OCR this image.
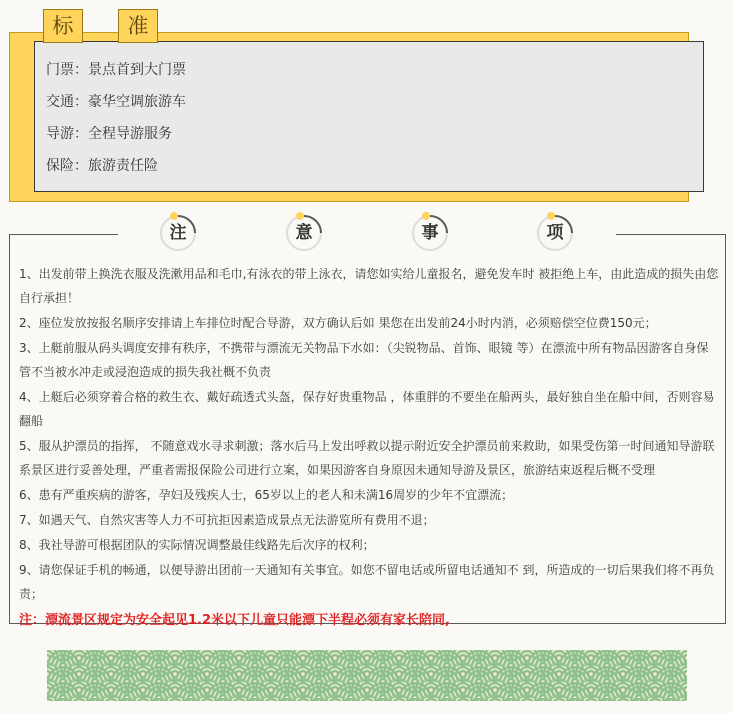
标	准
门票：景点首到大门票
交通：豪华空调旅游车
导游：全程导游服务
保险：旅游责任险
注	意	事	项

1、出发前带上换洗衣服及洗漱用品和毛巾,有泳衣的带上泳衣，请您如实给儿童报名，避免发车时 被拒绝上车，由此造成的损失由您自行承担！

2、座位发放按报名顺序安排请上车排位时配合导游，双方确认后如 果您在出发前24小时内消，必须赔偿空位费150元；

3、上艇前服从码头调度安排有秩序，不携带与漂流无关物品下水如：（尖锐物品、首饰、眼镜 等）在漂流中所有物品因游客自身保管不当被水冲走或浸泡造成的损失我社概不负责

4、上艇后必须穿着合格的救生衣、戴好疏透式头盔，保存好贵重物品 ，体重胖的不要坐在船两头，最好独自坐在船中间，否则容易翻船

5、服从护漂员的指挥， 不随意戏水寻求刺激；落水后马上发出呼救以提示附近安全护漂员前来救助，如果受伤第一时间通知导游联系景区进行妥善处理，严重者需报保险公司进行立案，如果因游客自身原因未通知导游及景区，旅游结束返程后概不受理

6、患有严重疾病的游客，孕妇及残疾人士，65岁以上的老人和未满16周岁的少年不宜漂流；

7、如遇天气、自然灾害等人力不可抗拒因素造成景点无法游览所有费用不退；

8、我社导游可根据团队的实际情况调整最佳线路先后次序的权利；

9、请您保证手机的畅通，以便导游出团前一天通知有关事宜。如您不留电话或所留电话通知不 到，所造成的一切后果我们将不再负责；

注：漂流景区规定为安全起见1.2米以下儿童只能漂下半程必须有家长陪同,
